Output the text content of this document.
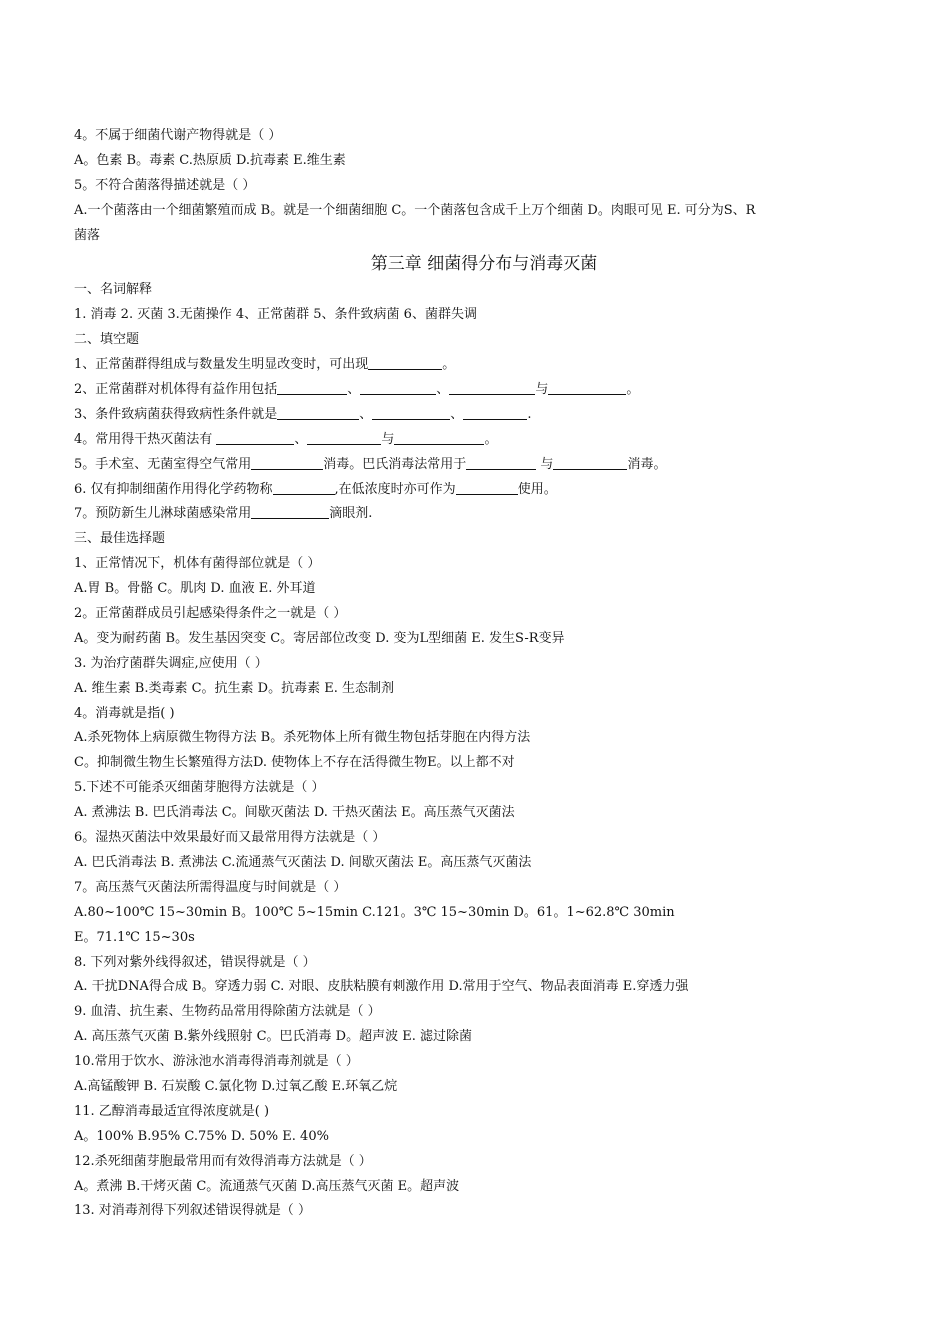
4。不属于细菌代谢产物得就是（ ）
A。色素 B。毒素 C.热原质 D.抗毒素 E.维生素
5。不符合菌落得描述就是（ ）
A.一个菌落由一个细菌繁殖而成 B。就是一个细菌细胞 C。一个菌落包含成千上万个细菌 D。肉眼可见 E. 可分为S、R
菌落
第三章 细菌得分布与消毒灭菌
一、名词解释
1. 消毒 2. 灭菌 3.无菌操作 4、正常菌群 5、条件致病菌 6、菌群失调
二、填空题
1、正常菌群得组成与数量发生明显改变时，可出现	。
2、正常菌群对机体得有益作用包括	、	、	与	。
3、条件致病菌获得致病性条件就是	、	、	.
4。常用得干热灭菌法有	、	与	。
5。手术室、无菌室得空气常用	消毒。巴氏消毒法常用于	与	消毒。
6. 仅有抑制细菌作用得化学药物称	,在低浓度时亦可作为	使用。
7。预防新生儿淋球菌感染常用	滴眼剂.
三、最佳选择题
1、正常情况下，机体有菌得部位就是（ ）
A.胃 B。骨骼 C。肌肉 D. 血液 E. 外耳道
2。正常菌群成员引起感染得条件之一就是（ ）
A。变为耐药菌 B。发生基因突变 C。寄居部位改变 D. 变为L型细菌 E. 发生S-R变异
3. 为治疗菌群失调症,应使用（ ）
A. 维生素 B.类毒素 C。抗生素 D。抗毒素 E. 生态制剂
4。消毒就是指( )
A.杀死物体上病原微生物得方法 B。杀死物体上所有微生物包括芽胞在内得方法
C。抑制微生物生长繁殖得方法D. 使物体上不存在活得微生物E。以上都不对
5.下述不可能杀灭细菌芽胞得方法就是（ ）
A. 煮沸法 B. 巴氏消毒法 C。间歇灭菌法 D. 干热灭菌法 E。高压蒸气灭菌法
6。湿热灭菌法中效果最好而又最常用得方法就是（ ）
A. 巴氏消毒法 B. 煮沸法 C.流通蒸气灭菌法 D. 间歇灭菌法 E。高压蒸气灭菌法
7。高压蒸气灭菌法所需得温度与时间就是（ ）
A.80~100℃ 15~30min B。100℃ 5~15min C.121。3℃ 15~30min D。61。1~62.8℃ 30min
E。71.1℃ 15~30s
8. 下列对紫外线得叙述，错误得就是（ ）
A. 干扰DNA得合成 B。穿透力弱 C. 对眼、皮肤粘膜有刺激作用 D.常用于空气、物品表面消毒 E.穿透力强
9. 血清、抗生素、生物药品常用得除菌方法就是（ ）
A. 高压蒸气灭菌 B.紫外线照射 C。巴氏消毒 D。超声波 E. 滤过除菌
10.常用于饮水、游泳池水消毒得消毒剂就是（ ）
A.高锰酸钾 B. 石炭酸 C.氯化物 D.过氧乙酸 E.环氧乙烷
11. 乙醇消毒最适宜得浓度就是( )
A。100% B.95% C.75% D. 50% E. 40%
12.杀死细菌芽胞最常用而有效得消毒方法就是（ ）
A。煮沸 B.干烤灭菌 C。流通蒸气灭菌 D.高压蒸气灭菌 E。超声波
13. 对消毒剂得下列叙述错误得就是（ ）
